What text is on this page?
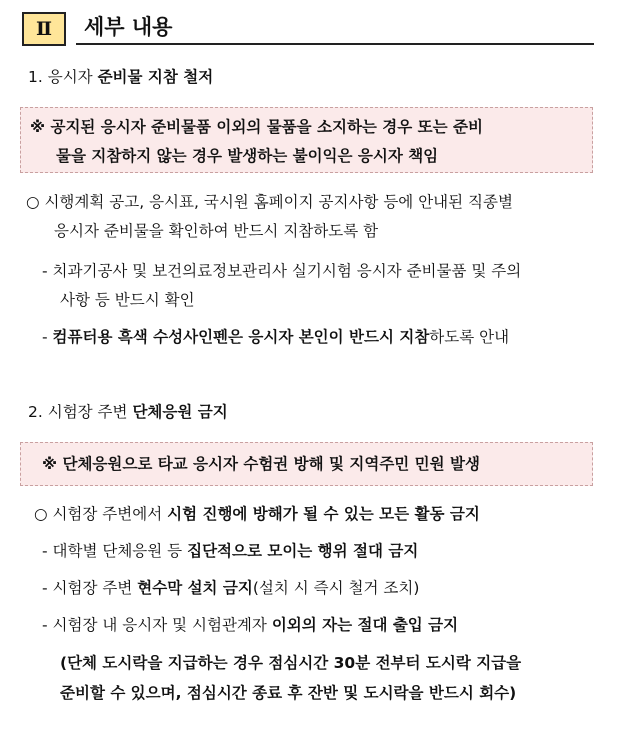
Ⅱ	세부 내용
1. 응시자 준비물 지참 철저
※ 공지된 응시자 준비물품 이외의 물품을 소지하는 경우 또는 준비
물을 지참하지 않는 경우 발생하는 불이익은 응시자 책임
○ 시행계획 공고, 응시표, 국시원 홈페이지 공지사항 등에 안내된 직종별
응시자 준비물을 확인하여 반드시 지참하도록 함
- 치과기공사 및 보건의료정보관리사 실기시험 응시자 준비물품 및 주의
사항 등 반드시 확인
- 컴퓨터용 흑색 수성사인펜은 응시자 본인이 반드시 지참하도록 안내
2. 시험장 주변 단체응원 금지
※ 단체응원으로 타교 응시자 수험권 방해 및 지역주민 민원 발생
○ 시험장 주변에서 시험 진행에 방해가 될 수 있는 모든 활동 금지
- 대학별 단체응원 등 집단적으로 모이는 행위 절대 금지
- 시험장 주변 현수막 설치 금지(설치 시 즉시 철거 조치)
- 시험장 내 응시자 및 시험관계자 이외의 자는 절대 출입 금지
(단체 도시락을 지급하는 경우 점심시간 30분 전부터 도시락 지급을
준비할 수 있으며, 점심시간 종료 후 잔반 및 도시락을 반드시 회수)
